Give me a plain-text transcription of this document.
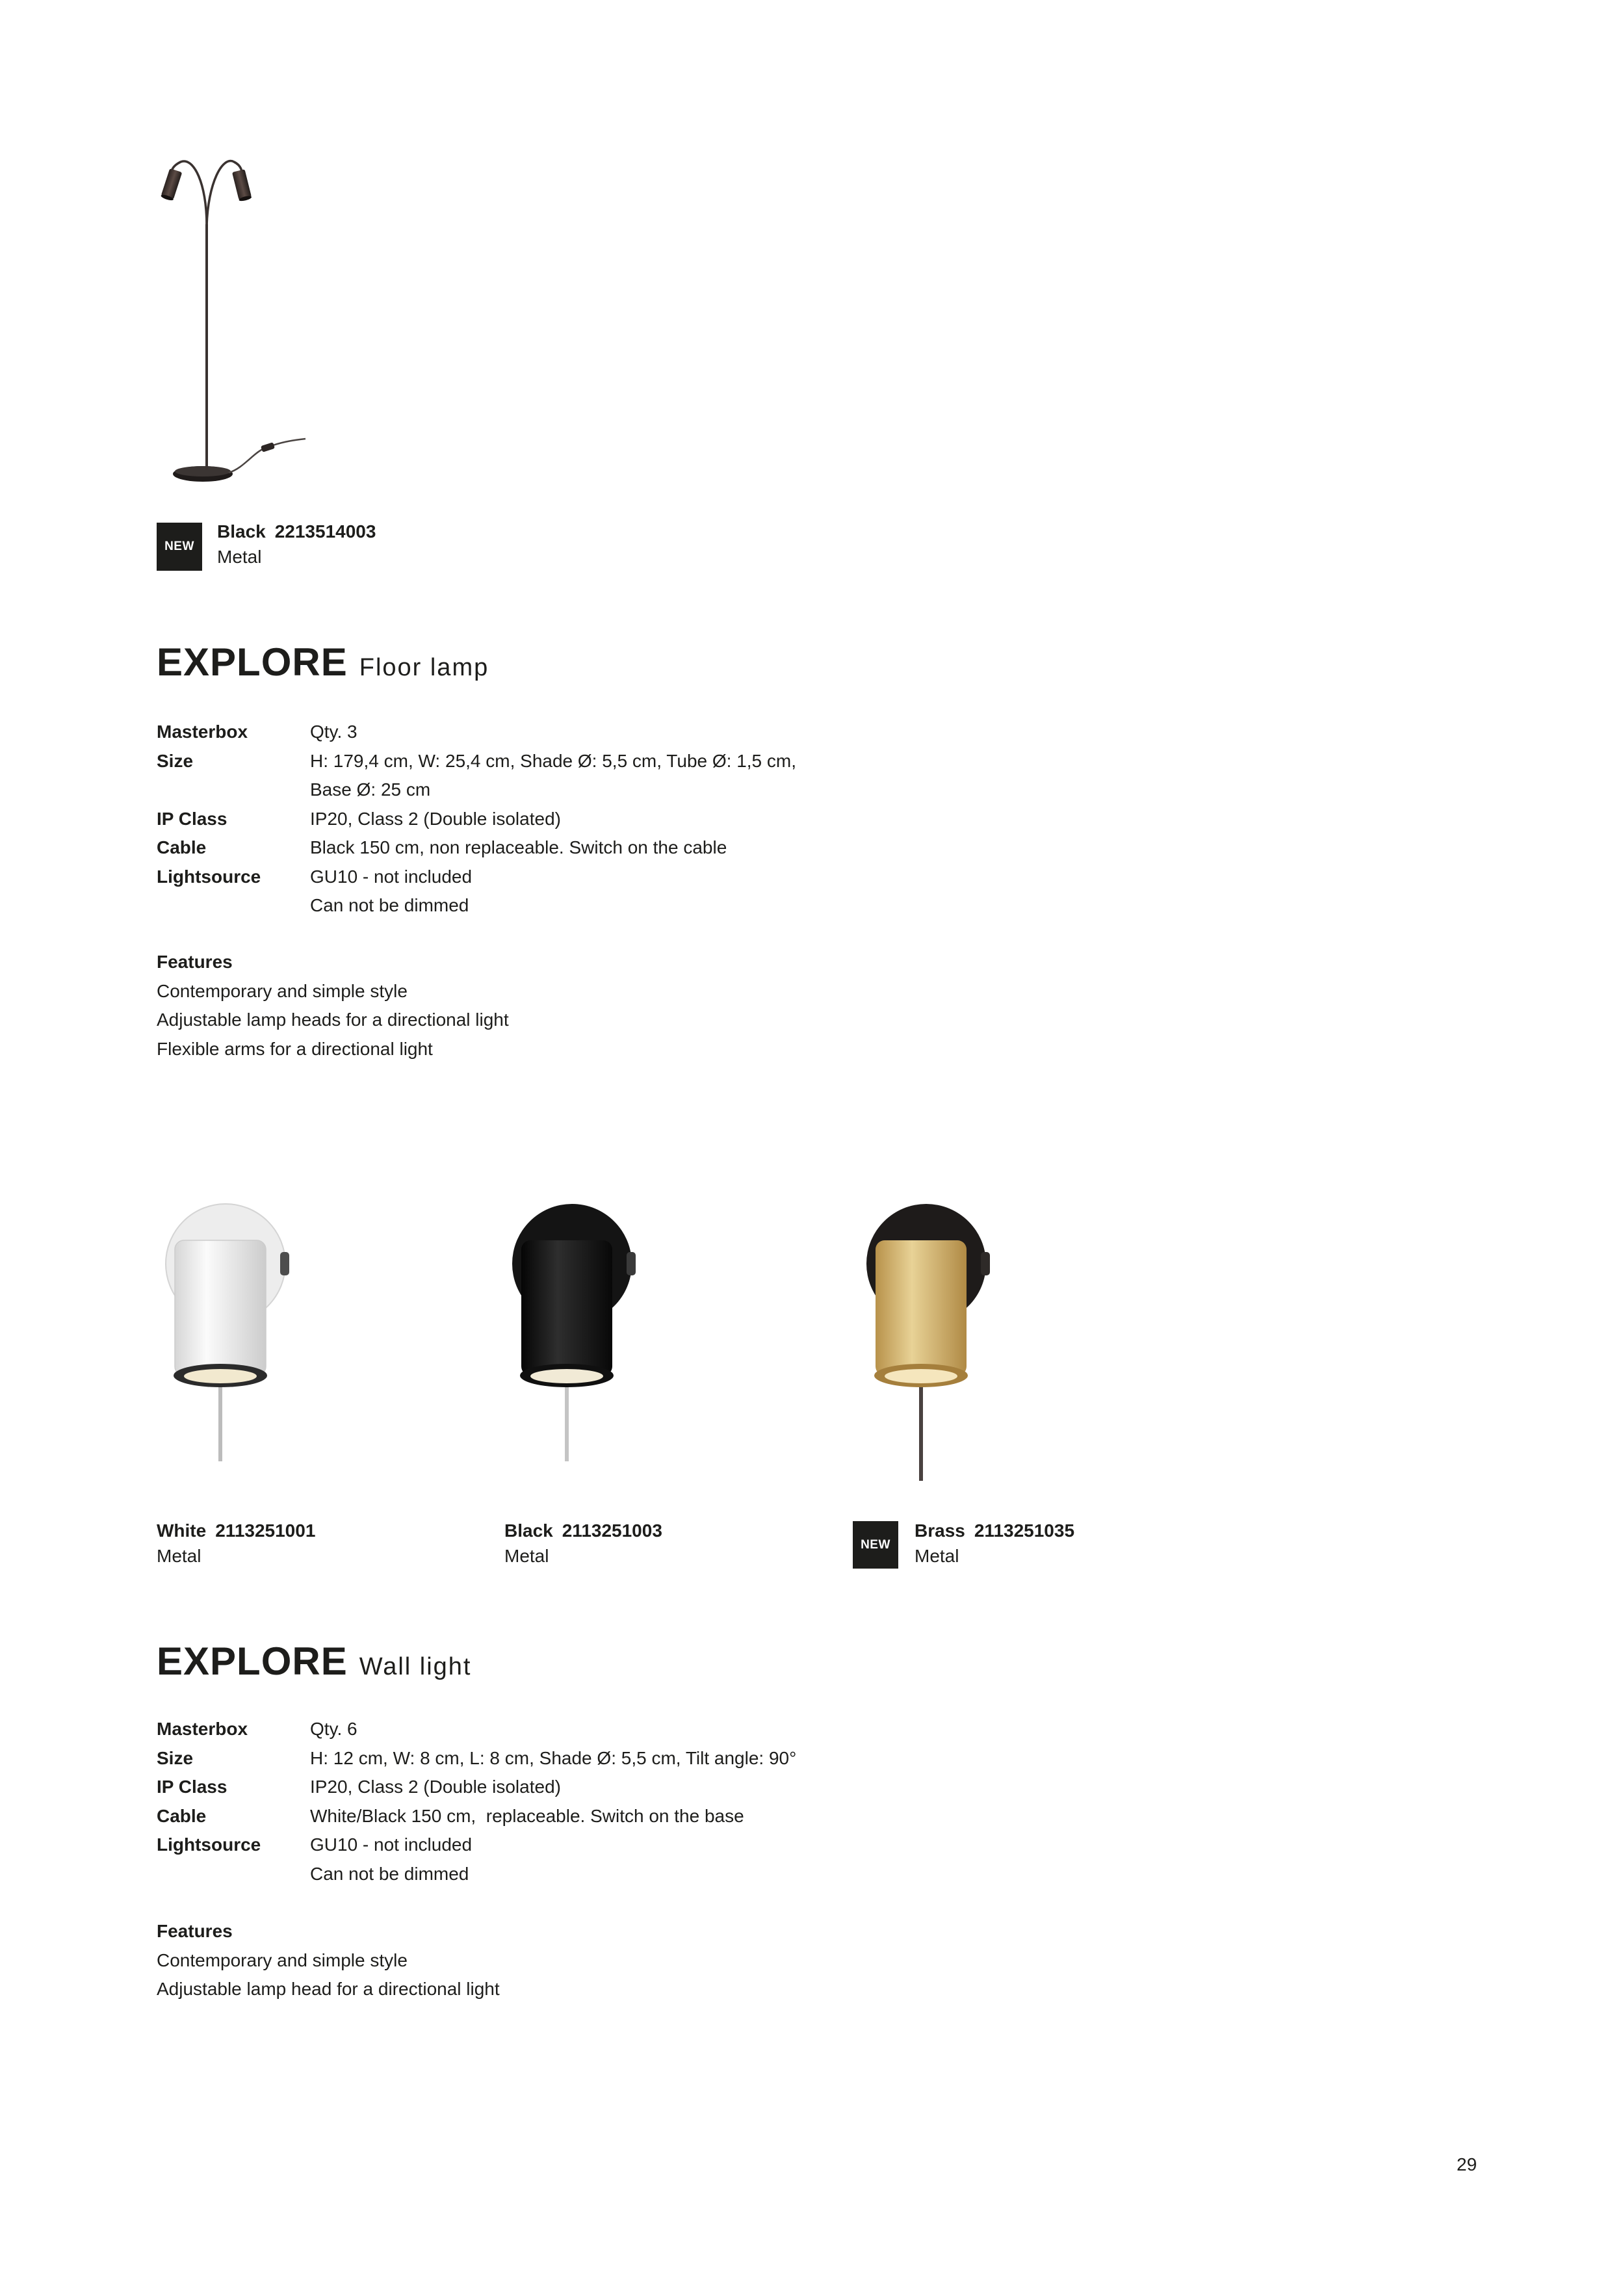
NEW
Black 2213514003
Metal
EXPLORE Floor lamp
Masterbox	Qty. 3
Size	H: 179,4 cm, W: 25,4 cm, Shade Ø: 5,5 cm, Tube Ø: 1,5 cm,
Base Ø: 25 cm
IP Class	IP20, Class 2 (Double isolated)
Cable	Black 150 cm, non replaceable. Switch on the cable
Lightsource	GU10 - not included
Can not be dimmed
Features
Contemporary and simple style
Adjustable lamp heads for a directional light
Flexible arms for a directional light
White 2113251001
Metal
Black 2113251003
Metal
NEW
Brass 2113251035
Metal
EXPLORE Wall light
Masterbox	Qty. 6
Size	H: 12 cm, W: 8 cm, L: 8 cm, Shade Ø: 5,5 cm, Tilt angle: 90°
IP Class	IP20, Class 2 (Double isolated)
Cable	White/Black 150 cm,  replaceable. Switch on the base
Lightsource	GU10 - not included
Can not be dimmed
Features
Contemporary and simple style
Adjustable lamp head for a directional light
29
